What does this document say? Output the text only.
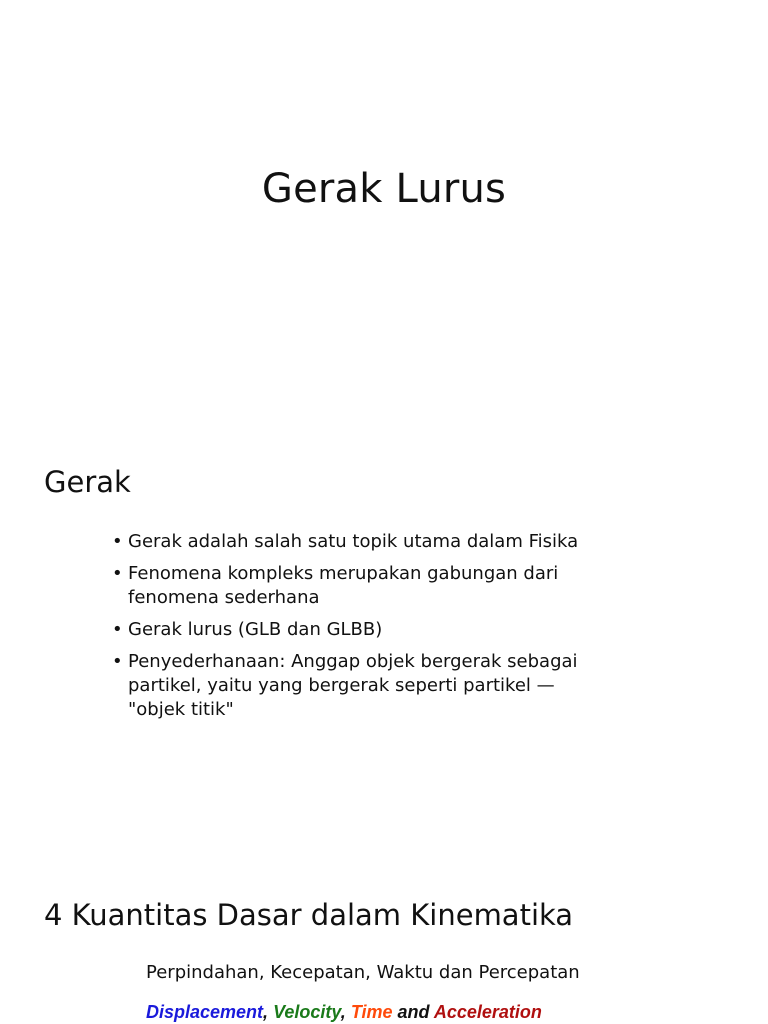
Gerak Lurus
Gerak
• Gerak adalah salah satu topik utama dalam Fisika
• Fenomena kompleks merupakan gabungan dari fenomena sederhana
• Gerak lurus (GLB dan GLBB)
• Penyederhanaan: Anggap objek bergerak sebagai partikel, yaitu yang bergerak seperti partikel — "objek titik"
4 Kuantitas Dasar dalam Kinematika
Perpindahan, Kecepatan, Waktu dan Percepatan
Displacement, Velocity, Time and Acceleration
